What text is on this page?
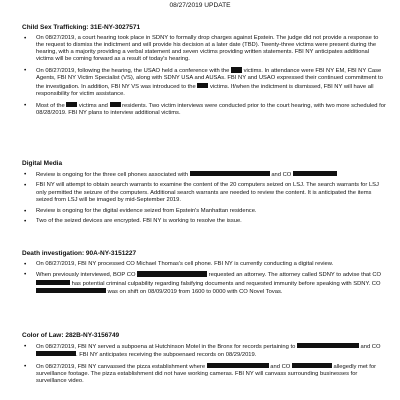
08/27/2019 UPDATE
Child Sex Trafficking: 31E-NY-3027571
• On 08/27/2019, a court hearing took place in SDNY to formally drop charges against Epstein. The judge did not provide a response to the request to dismiss the indictment and will provide his decision at a later date (TBD). Twenty-three victims were present during the hearing, with a majority providing a verbal statement and seven victims providing written statements. FBI NY anticipates additional victims will be coming forward as a result of today's hearing.
• On 08/27/2019, following the hearing, the USAO held a conference with the  victims. In attendance were FBI NY EM, FBI NY Case Agents, FBI NY Victim Specialist (VS), along with SDNY USA and AUSAs. FBI NY and USAO expressed their continued commitment to the investigation. In addition, FBI NY VS was introduced to the  victims. If/when the indictment is dismissed, FBI NY will have all responsibility for victim assistance.
• Most of the  victims and  residents. Two victim interviews were conducted prior to the court hearing, with two more scheduled for 08/28/2019. FBI NY plans to interview additional victims.
Digital Media
• Review is ongoing for the three cell phones associated with	and CO
• FBI NY will attempt to obtain search warrants to examine the content of the 20 computers seized on LSJ. The search warrants for LSJ only permitted the seizure of the computers. Additional search warrants are needed to review the content. It is anticipated the items seized from LSJ will be imaged by mid-September 2019.
• Review is ongoing for the digital evidence seized from Epstein's Manhattan residence.
• Two of the seized devices are encrypted. FBI NY is working to resolve the issue.
Death investigation: 90A-NY-3151227
• On 08/27/2019, FBI NY processed CO Michael Thomas's cell phone. FBI NY is currently conducting a digital review.
• When previously interviewed, BOP CO	requested an attorney. The attorney called SDNY to advise that CO  has potential criminal culpability regarding falsifying documents and requested immunity before speaking with SDNY. CO  was on shift on 08/09/2019 from 1600 to 0000 with CO Novel Tovas.
Color of Law: 282B-NY-3156749
• On 08/27/2019, FBI NY served a subpoena at Hutchinson Motel in the Bronx for records pertaining to	and CO . FBI NY anticipates receiving the subpoenaed records on 08/29/2019.
• On 08/27/2019, FBI NY canvassed the pizza establishment where	and CO	allegedly met for surveillance footage. The pizza establishment did not have working cameras. FBI NY will canvass surrounding businesses for surveillance video.
